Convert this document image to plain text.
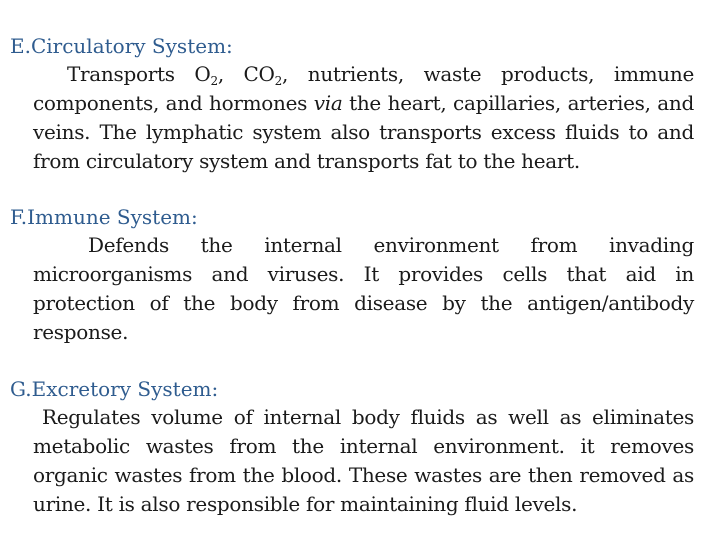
E.Circulatory System:
Transports $O_2$, $CO_2$, nutrients, waste products, immune components, and hormones via the heart, capillaries, arteries, and veins. The lymphatic system also transports excess fluids to and from circulatory system and transports fat to the heart.
F.Immune System:
Defends the internal environment from invading microorganisms and viruses. It provides cells that aid in protection of the body from disease by the antigen/antibody response.
G.Excretory System:
Regulates volume of internal body fluids as well as eliminates metabolic wastes from the internal environment. it removes organic wastes from the blood. These wastes are then removed as urine. It is also responsible for maintaining fluid levels.
